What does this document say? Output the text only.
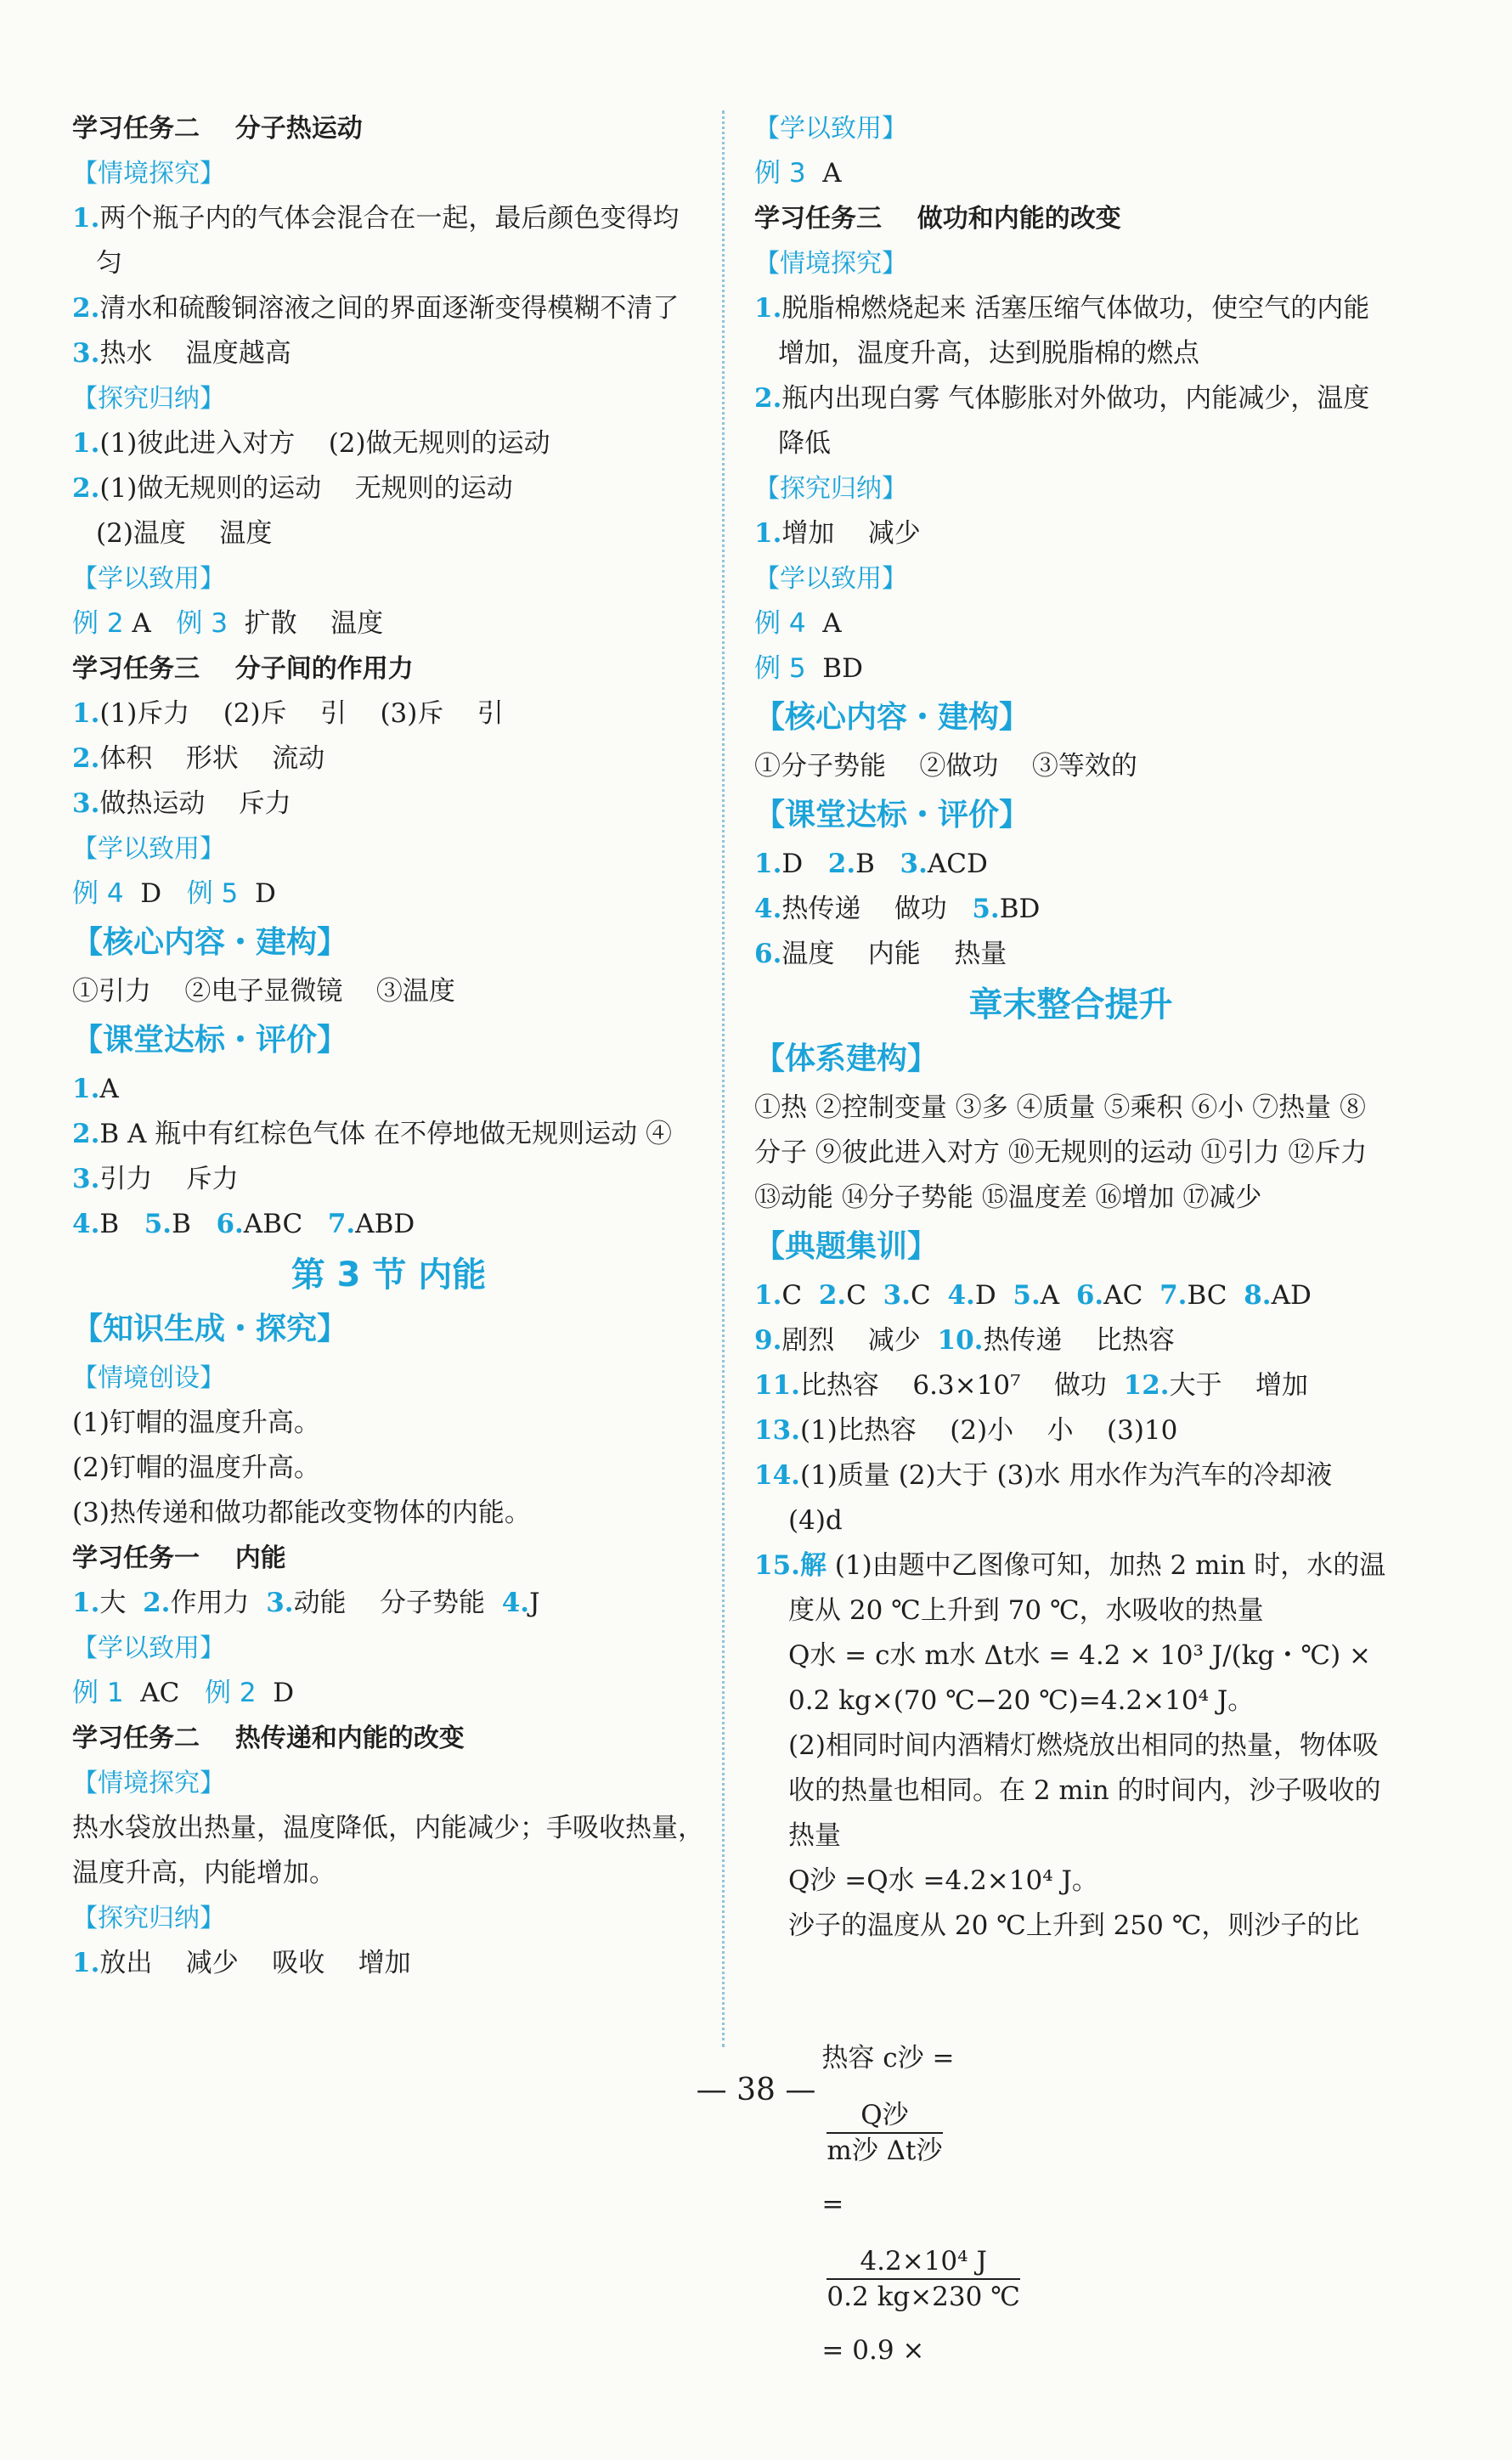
学习任务二    分子热运动
【情境探究】
1.两个瓶子内的气体会混合在一起，最后颜色变得均匀
2.清水和硫酸铜溶液之间的界面逐渐变得模糊不清了
3.热水    温度越高
【探究归纳】
1.(1)彼此进入对方    (2)做无规则的运动
2.(1)做无规则的运动    无规则的运动
(2)温度    温度
【学以致用】
例 2 A   例 3  扩散    温度
学习任务三    分子间的作用力
1.(1)斥力    (2)斥    引    (3)斥    引
2.体积    形状    流动
3.做热运动    斥力
【学以致用】
例 4  D   例 5  D
【核心内容・建构】
①引力    ②电子显微镜    ③温度
【课堂达标・评价】
1.A
2.B A 瓶中有红棕色气体 在不停地做无规则运动 ④
3.引力    斥力
4.B   5.B   6.ABC   7.ABD
第 3 节 内能
【知识生成・探究】
【情境创设】
(1)钉帽的温度升高。
(2)钉帽的温度升高。
(3)热传递和做功都能改变物体的内能。
学习任务一    内能
1.大  2.作用力  3.动能    分子势能  4.J
【学以致用】
例 1  AC   例 2  D
学习任务二    热传递和内能的改变
【情境探究】
热水袋放出热量，温度降低，内能减少；手吸收热量，温度升高，内能增加。
【探究归纳】
1.放出    减少    吸收    增加
【学以致用】
例 3  A
学习任务三    做功和内能的改变
【情境探究】
1.脱脂棉燃烧起来 活塞压缩气体做功，使空气的内能增加，温度升高，达到脱脂棉的燃点
2.瓶内出现白雾 气体膨胀对外做功，内能减少，温度降低
【探究归纳】
1.增加    减少
【学以致用】
例 4  A
例 5  BD
【核心内容・建构】
①分子势能    ②做功    ③等效的
【课堂达标・评价】
1.D   2.B   3.ACD
4.热传递    做功   5.BD
6.温度    内能    热量
章末整合提升
【体系建构】
①热 ②控制变量 ③多 ④质量 ⑤乘积 ⑥小 ⑦热量 ⑧分子 ⑨彼此进入对方 ⑩无规则的运动 ⑪引力 ⑫斥力 ⑬动能 ⑭分子势能 ⑮温度差 ⑯增加 ⑰减少
【典题集训】
1.C  2.C  3.C  4.D  5.A  6.AC  7.BC  8.AD
9.剧烈    减少  10.热传递    比热容
11.比热容    6.3×10⁷    做功  12.大于    增加
13.(1)比热容    (2)小    小    (3)10
14.(1)质量 (2)大于 (3)水 用水作为汽车的冷却液 (4)d
15.解 (1)由题中乙图像可知，加热 2 min 时，水的温度从 20 ℃上升到 70 ℃，水吸收的热量
Q水 = c水 m水 Δt水 = 4.2 × 10³ J/(kg・℃) × 0.2 kg×(70 ℃−20 ℃)=4.2×10⁴ J。
(2)相同时间内酒精灯燃烧放出相同的热量，物体吸收的热量也相同。在 2 min 的时间内，沙子吸收的热量
Q沙 =Q水 =4.2×10⁴ J。
沙子的温度从 20 ℃上升到 250 ℃，则沙子的比

热容 c沙 =

$\frac{\text{Q沙}}{\text{m沙 Δt沙}}$

=

$\frac{\text{4.2×10⁴ J}}{0.2 kg\times 230 ℃}$

= 0.9 ×

— 38 —
